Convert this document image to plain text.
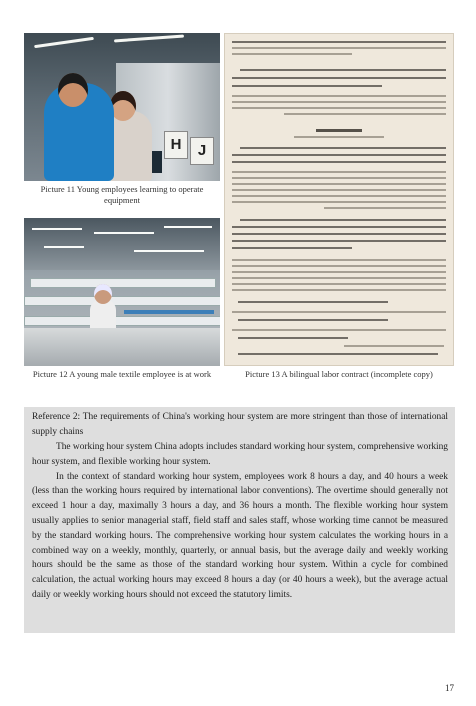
H	J
Picture 11 Young employees learning to operate equipment
Picture 12 A young male textile employee is at work	Picture 13 A bilingual labor contract (incomplete copy)
Reference 2: The requirements of China's working hour system are more stringent than those of international supply chains

The working hour system China adopts includes standard working hour system, comprehensive working hour system, and flexible working hour system.

In the context of standard working hour system, employees work 8 hours a day, and 40 hours a week (less than the working hours required by international labor conventions). The overtime should generally not exceed 1 hour a day, maximally 3 hours a day, and 36 hours a month. The flexible working hour system usually applies to senior managerial staff, field staff and sales staff, whose working time cannot be measured by the standard working hours. The comprehensive working hour system calculates the working hours in a combined way on a weekly, monthly, quarterly, or annual basis, but the average daily and weekly working hours should be the same as those of the standard working hour system. Within a cycle for combined calculation, the actual working hours may exceed 8 hours a day (or 40 hours a week), but the average actual daily or weekly working hours should not exceed the statutory limits.

17
